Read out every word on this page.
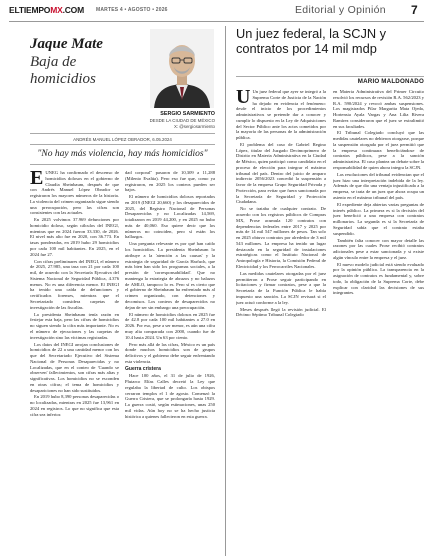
ELTIEMPOMX.COM MARTES 4 • AGOSTO • 2026	Editorial y Opinión 7
Jaque Mate
Baja de homicidios
SERGIO SARMIENTO
DESDE LA CIUDAD DE MÉXICO
X: @sergiosarmiento
ANDRÉS MANUEL LÓPEZ OBRADOR, 6.05.2024
"No hay más violencia, hay más homicidios"

EUNEG ha confirmado el descenso de homicidios dolosos en el gobierno de Claudia Sheinbaum, después de que con Andrés Manuel López Obrador se registraron los mayores números de la historia. La violencia del crimen organizado sigue siendo una preocupación, pero las cifras son consistentes con las actuales.

En 2025 volvimos 37.969 defunciones por homicidio doloso, según cálculos del INEGI, mientras que en 2024 fueron 33.330, de 2026. El nivel más alto fue en 2020, con 36.773. En tasas ponderadas, en 2019 hubo 29 homicidios por cada 100 mil habitantes. En 2025, en el 2024 fue 27.

Con cifras preliminares del INEGI, el número de 2025, 27.985, una tasa con 21 por cada 100 mil, de acuerdo con la Secretaría Ejecutiva del Sistema Nacional de Seguridad Pública, 4.376 menos. No es una diferencia menor. El INEGI ha tenido una caída de defunciones y certificados forenses, mientras que el Secretariado considera carpetas de investigación de las fiscalías.

La presidenta Sheinbaum tenía razón en festejar esta baja, pero las cifras de homicidios no siguen siendo la cifra más importante. No es el número de ejecuciones y las carpetas de investigación sino las víctimas registradas.

Los datos del INEGI arrojan conclusiones de homicidios de 22 a una cantidad menor con los que del Secretariado Ejecutivo del Sistema Nacional de Personas Desaparecidas y no Localizadas, que en el conteo de 'Cuando se observen' fallecimientos, son cifras más altas y significativas. Los homicidios no se esconden en otras cifras; el tema de homicidios y desapariciones no han sido sustituidos.

En 2019 hubo 8,390 personas desaparecidas o no localizadas, mientras en 2025 fue 13,961 en 2024 en registros. Lo que no significa que esta cifra sea inferior.

dad corporal" pasaron de 10,309 a 11,288 (Milenio Evalúa). Pero eso fue que, como ya registraron, en 2025 los conteos pueden ser bajos.

El número de homicidios dolosos reportados en 2019 (INEGI 20,660) y los desaparecidos de 2025, del Registro Nacional de Personas Desaparecidas y no Localizadas 14,569, totalizaron en 2019 44,200, y en 2025 no hubo más de 40,060. Eso quiere decir que los números no coinciden, pero sí están los hallazgos.

Una pregunta relevante es por qué han caído los homicidios. La presidenta Sheinbaum lo atribuye a la 'atención a las causas' y la estrategia de seguridad de García Harfuch, que más bien han sido los programas sociales, a la presión de 'corresponsabilidad'. Que no mantenga la estrategia de abrazos y no balazos de AMLO, tampoco lo es. Pero sí es cierto que el gobierno de Sheinbaum ha enfrentado más al crimen organizado, con detenciones y decomisos. Los conteos de desaparecidos no dejan de ser sin embargo una preocupación.

El número de homicidios dolosos en 2025 fue de 42.8 por cada 100 mil habitantes a 27.0 en 2026. Por eso, pese a ser menor, es aún una cifra muy alta comparada con 2000, cuando fue de 10.4 hasta 2024. Un 63 por ciento.

Pero más allá de las cifras, México es un país donde muchos homicidios son de grupos delictivos y el gobierno debe seguir enfrentando esta violencia.

Guerra cristera

Hace 100 años, el 31 de julio de 1926, Plutarco Elías Calles decretó la Ley que regulaba la libertad de culto. Los obispos cerraron templos el 1 de agosto. Comenzó la Guerra Cristera, que se prolongaría hasta 1929. La guerra costó, según estimaciones, unas 250 mil vidas. Aún hoy no se ha hecho justicia histórica a quienes fallecieron en esta guerra.

Un juez federal, la SCJN y contratos por 14 mil mdp
MARIO MALDONADO

U Un juez federal que ayer se integró a la Suprema Corte de Justicia de la Nación ha dejado en evidencia el fenómeno: desde el inicio de los procedimientos administrativos se pretende dar a conocer y cumplir lo dispuesto en la Ley de Adquisiciones del Sector Público ante los actos cometidos por la mayoría de las personas de la administración pública.

El problema del caso de Gabriel Regino López, titular del Juzgado Decimoprimero de Distrito en Materia Administrativa en la Ciudad de México, quien participó como candidato en el proceso de elección para integrar el máximo tribunal del país. Dentro del juicio de amparo indirecto 2056/2023 concedió la suspensión a favor de la empresa Grupo Seguridad Privada y Protección, para evitar que fuera sancionada por la Secretaría de Seguridad y Protección Ciudadana.

No se trataba de cualquier contrato. De acuerdo con los registros públicos de Compras MX, Prose acumula 120 contratos con dependencias federales entre 2017 y 2025 por más de 14 mil 547 millones de pesos. Tan solo en 2025 obtuvo contratos por alrededor de 3 mil 543 millones. La empresa ha tenido un lugar destacado en la seguridad de instalaciones estratégicas como el Instituto Nacional de Antropología e Historia, la Comisión Federal de Electricidad y los Ferrocarriles Nacionales.

Las medidas cautelares otorgadas por el juez permitieron a Prose seguir participando en licitaciones y firmar contratos, pese a que la Secretaría de la Función Pública le había impuesto una sanción. La SCJN revisará si el juez actuó conforme a la ley.

Meses después llegó la revisión judicial. El Décimo Séptimo Tribunal Colegiado

en Materia Administrativa del Primer Circuito resolvió los recursos de revisión R.A. 562/2023 y R.A. 590/2024 y revocó ambas suspensiones. Los magistrados Pilar Margarita Mata Ojeda, Hortensia Ayala Vargas y Ana Lilia Rivera Ramírez consideraron que el juez se extralimitó en sus facultades.

El Tribunal Colegiado concluyó que las medidas cautelares no debieron otorgarse, porque la suspensión otorgada por el juez permitió que la empresa continuara beneficiándose de contratos públicos, pese a la sanción administrativa. El caso plantea un debate sobre la responsabilidad de quien ahora integra la SCJN.

Las resoluciones del tribunal evidencian que el juez hizo una interpretación indebida de la ley. Además de que dio una ventaja injustificada a la empresa, se trata de un juez que ahora ocupa un asiento en el máximo tribunal del país.

El expediente deja abiertas varias preguntas de interés público. La primera es si la decisión del juez benefició a una empresa con contratos millonarios. La segunda es si la Secretaría de Seguridad sabía que el contrato estaba suspendido.

También falta conocer con mayor detalle las razones por las cuales Prose recibió contratos adicionales pese a estar sancionada y si existe algún vínculo entre la empresa y el juez.

El nuevo modelo judicial está siendo evaluado por la opinión pública. La transparencia en la asignación de contratos es fundamental y, sobre todo, la obligación de la Suprema Corte, debe explicar con claridad las decisiones de sus integrantes.
